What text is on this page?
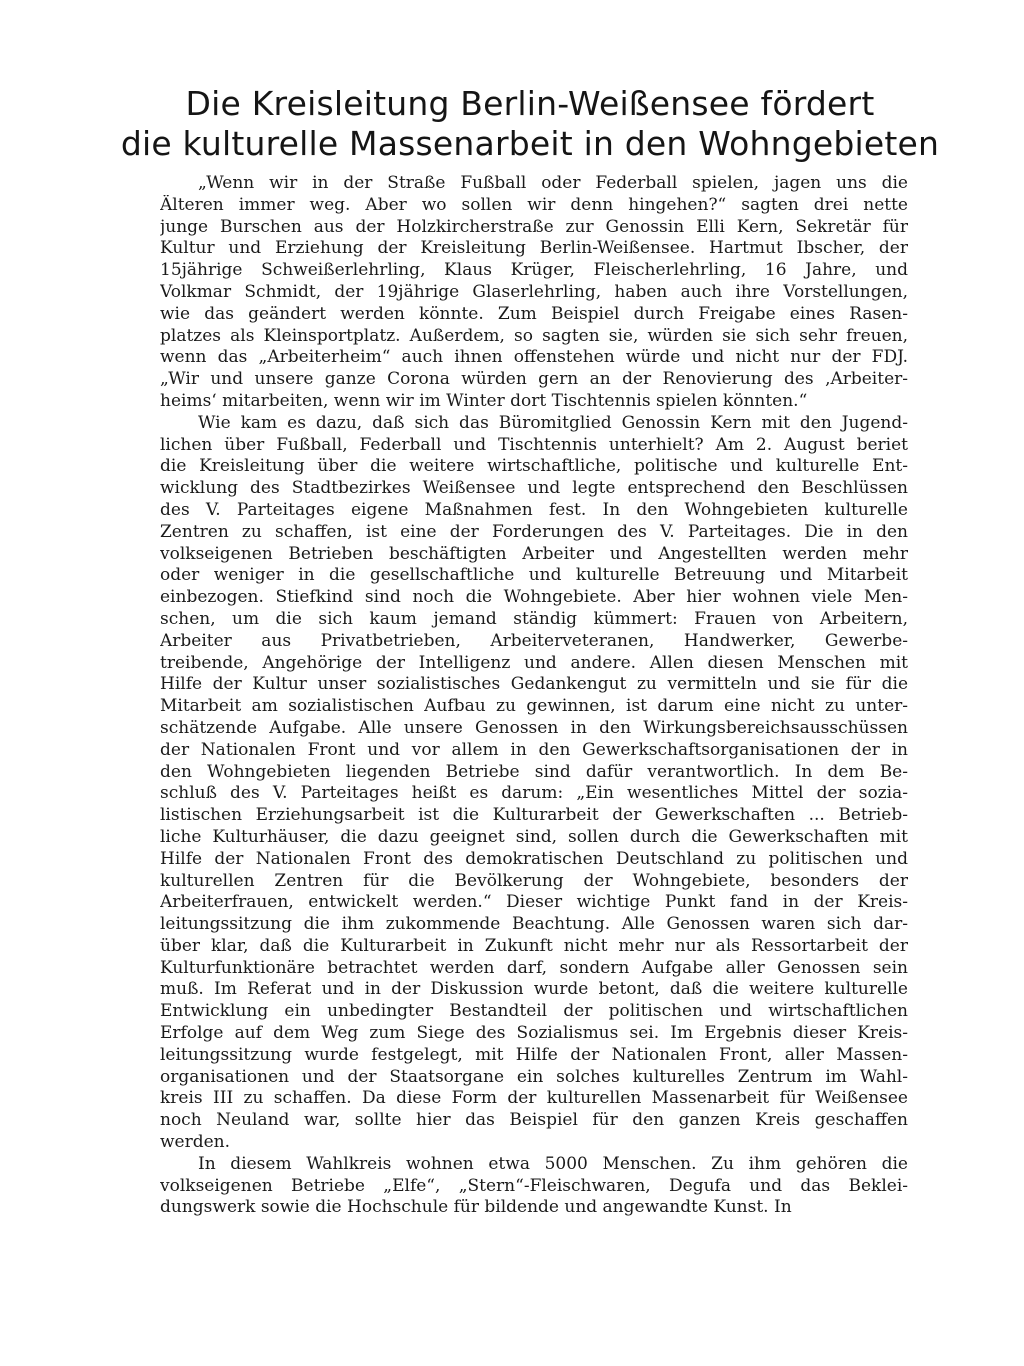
Die Kreisleitung Berlin-Weißensee fördert
die kulturelle Massenarbeit in den Wohngebieten

„Wenn wir in der Straße Fußball oder Federball spielen, jagen uns die
Älteren immer weg. Aber wo sollen wir denn hingehen?“ sagten drei nette
junge Burschen aus der Holzkircherstraße zur Genossin Elli Kern, Sekretär für
Kultur und Erziehung der Kreisleitung Berlin-Weißensee. Hartmut Ibscher, der
15jährige Schweißerlehrling, Klaus Krüger, Fleischerlehrling, 16 Jahre, und
Volkmar Schmidt, der 19jährige Glaserlehrling, haben auch ihre Vorstellungen,
wie das geändert werden könnte. Zum Beispiel durch Freigabe eines Rasen-
platzes als Kleinsportplatz. Außerdem, so sagten sie, würden sie sich sehr freuen,
wenn das „Arbeiterheim“ auch ihnen offenstehen würde und nicht nur der FDJ.
„Wir und unsere ganze Corona würden gern an der Renovierung des ‚Arbeiter-
heims‘ mitarbeiten, wenn wir im Winter dort Tischtennis spielen könnten.“

Wie kam es dazu, daß sich das Büromitglied Genossin Kern mit den Jugend-
lichen über Fußball, Federball und Tischtennis unterhielt? Am 2. August beriet
die Kreisleitung über die weitere wirtschaftliche, politische und kulturelle Ent-
wicklung des Stadtbezirkes Weißensee und legte entsprechend den Beschlüssen
des V. Parteitages eigene Maßnahmen fest. In den Wohngebieten kulturelle
Zentren zu schaffen, ist eine der Forderungen des V. Parteitages. Die in den
volkseigenen Betrieben beschäftigten Arbeiter und Angestellten werden mehr
oder weniger in die gesellschaftliche und kulturelle Betreuung und Mitarbeit
einbezogen. Stiefkind sind noch die Wohngebiete. Aber hier wohnen viele Men-
schen, um die sich kaum jemand ständig kümmert: Frauen von Arbeitern,
Arbeiter aus Privatbetrieben, Arbeiterveteranen, Handwerker, Gewerbe-
treibende, Angehörige der Intelligenz und andere. Allen diesen Menschen mit
Hilfe der Kultur unser sozialistisches Gedankengut zu vermitteln und sie für die
Mitarbeit am sozialistischen Aufbau zu gewinnen, ist darum eine nicht zu unter-
schätzende Aufgabe. Alle unsere Genossen in den Wirkungsbereichsausschüssen
der Nationalen Front und vor allem in den Gewerkschaftsorganisationen der in
den Wohngebieten liegenden Betriebe sind dafür verantwortlich. In dem Be-
schluß des V. Parteitages heißt es darum: „Ein wesentliches Mittel der sozia-
listischen Erziehungsarbeit ist die Kulturarbeit der Gewerkschaften ... Betrieb-
liche Kulturhäuser, die dazu geeignet sind, sollen durch die Gewerkschaften mit
Hilfe der Nationalen Front des demokratischen Deutschland zu politischen und
kulturellen Zentren für die Bevölkerung der Wohngebiete, besonders der
Arbeiterfrauen, entwickelt werden.“ Dieser wichtige Punkt fand in der Kreis-
leitungssitzung die ihm zukommende Beachtung. Alle Genossen waren sich dar-
über klar, daß die Kulturarbeit in Zukunft nicht mehr nur als Ressortarbeit der
Kulturfunktionäre betrachtet werden darf, sondern Aufgabe aller Genossen sein
muß. Im Referat und in der Diskussion wurde betont, daß die weitere kulturelle
Entwicklung ein unbedingter Bestandteil der politischen und wirtschaftlichen
Erfolge auf dem Weg zum Siege des Sozialismus sei. Im Ergebnis dieser Kreis-
leitungssitzung wurde festgelegt, mit Hilfe der Nationalen Front, aller Massen-
organisationen und der Staatsorgane ein solches kulturelles Zentrum im Wahl-
kreis III zu schaffen. Da diese Form der kulturellen Massenarbeit für Weißensee
noch Neuland war, sollte hier das Beispiel für den ganzen Kreis geschaffen
werden.

In diesem Wahlkreis wohnen etwa 5000 Menschen. Zu ihm gehören die
volkseigenen Betriebe „Elfe“, „Stern“-Fleischwaren, Degufa und das Beklei-
dungswerk sowie die Hochschule für bildende und angewandte Kunst. In
